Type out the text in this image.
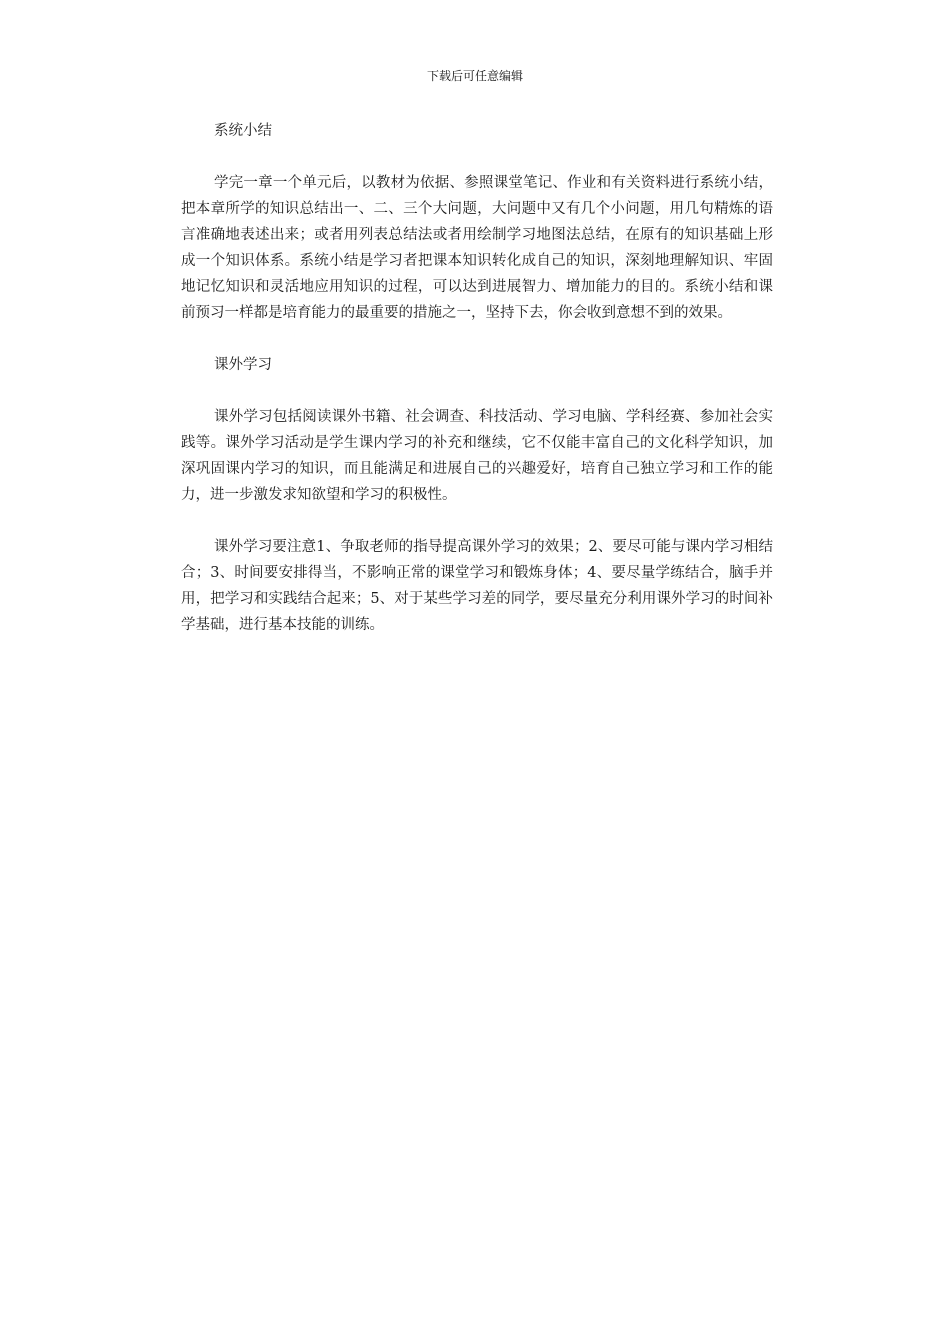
下载后可任意编辑
系统小结

学完一章一个单元后，以教材为依据、参照课堂笔记、作业和有关资料进行系统小结，把本章所学的知识总结出一、二、三个大问题，大问题中又有几个小问题，用几句精炼的语言准确地表述出来；或者用列表总结法或者用绘制学习地图法总结，在原有的知识基础上形成一个知识体系。系统小结是学习者把课本知识转化成自己的知识，深刻地理解知识、牢固地记忆知识和灵活地应用知识的过程，可以达到进展智力、增加能力的目的。系统小结和课前预习一样都是培育能力的最重要的措施之一，坚持下去，你会收到意想不到的效果。

课外学习

课外学习包括阅读课外书籍、社会调查、科技活动、学习电脑、学科经赛、参加社会实践等。课外学习活动是学生课内学习的补充和继续，它不仅能丰富自己的文化科学知识，加深巩固课内学习的知识，而且能满足和进展自己的兴趣爱好，培育自己独立学习和工作的能力，进一步激发求知欲望和学习的积极性。

课外学习要注意1、争取老师的指导提高课外学习的效果；2、要尽可能与课内学习相结合；3、时间要安排得当，不影响正常的课堂学习和锻炼身体；4、要尽量学练结合，脑手并用，把学习和实践结合起来；5、对于某些学习差的同学，要尽量充分利用课外学习的时间补学基础，进行基本技能的训练。
